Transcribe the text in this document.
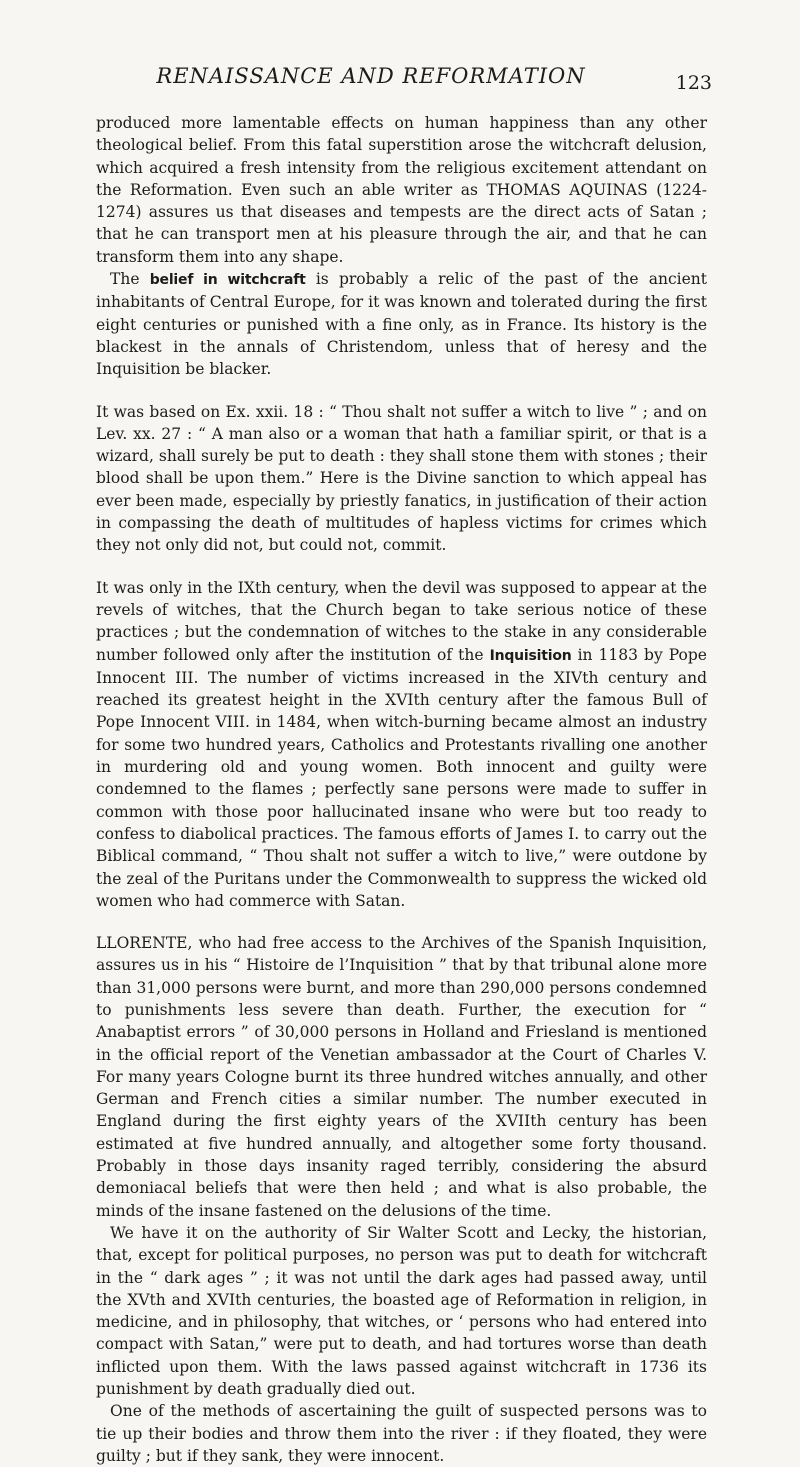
RENAISSANCE AND REFORMATION	123

produced more lamentable effects on human happiness than any other theological belief. From this fatal superstition arose the witchcraft delusion, which acquired a fresh intensity from the religious excitement attendant on the Reformation. Even such an able writer as THOMAS AQUINAS (1224-1274) assures us that diseases and tempests are the direct acts of Satan ; that he can transport men at his pleasure through the air, and that he can transform them into any shape.

The belief in witchcraft is probably a relic of the past of the ancient inhabitants of Central Europe, for it was known and tolerated during the first eight centuries or punished with a fine only, as in France. Its history is the blackest in the annals of Christendom, unless that of heresy and the Inquisition be blacker.

It was based on Ex. xxii. 18 : “ Thou shalt not suffer a witch to live ” ; and on Lev. xx. 27 : “ A man also or a woman that hath a familiar spirit, or that is a wizard, shall surely be put to death : they shall stone them with stones ; their blood shall be upon them.” Here is the Divine sanction to which appeal has ever been made, especially by priestly fanatics, in justification of their action in compassing the death of multitudes of hapless victims for crimes which they not only did not, but could not, commit.

It was only in the IXth century, when the devil was supposed to appear at the revels of witches, that the Church began to take serious notice of these practices ; but the condemnation of witches to the stake in any considerable number followed only after the institution of the Inquisition in 1183 by Pope Innocent III. The number of victims increased in the XIVth century and reached its greatest height in the XVIth century after the famous Bull of Pope Innocent VIII. in 1484, when witch-burning became almost an industry for some two hundred years, Catholics and Protestants rivalling one another in murdering old and young women. Both innocent and guilty were condemned to the flames ; perfectly sane persons were made to suffer in common with those poor hallucinated insane who were but too ready to confess to diabolical practices. The famous efforts of James I. to carry out the Biblical command, “ Thou shalt not suffer a witch to live,” were outdone by the zeal of the Puritans under the Commonwealth to suppress the wicked old women who had commerce with Satan.

LLORENTE, who had free access to the Archives of the Spanish Inquisition, assures us in his “ Histoire de l’Inquisition ” that by that tribunal alone more than 31,000 persons were burnt, and more than 290,000 persons condemned to punishments less severe than death. Further, the execution for “ Anabaptist errors ” of 30,000 persons in Holland and Friesland is mentioned in the official report of the Venetian ambassador at the Court of Charles V. For many years Cologne burnt its three hundred witches annually, and other German and French cities a similar number. The number executed in England during the first eighty years of the XVIIth century has been estimated at five hundred annually, and altogether some forty thousand. Probably in those days insanity raged terribly, considering the absurd demoniacal beliefs that were then held ; and what is also probable, the minds of the insane fastened on the delusions of the time.

We have it on the authority of Sir Walter Scott and Lecky, the historian, that, except for political purposes, no person was put to death for witchcraft in the “ dark ages ” ; it was not until the dark ages had passed away, until the XVth and XVIth centuries, the boasted age of Reformation in religion, in medicine, and in philosophy, that witches, or ‘ persons who had entered into compact with Satan,” were put to death, and had tortures worse than death inflicted upon them. With the laws passed against witchcraft in 1736 its punishment by death gradually died out.

One of the methods of ascertaining the guilt of suspected persons was to tie up their bodies and throw them into the river : if they floated, they were guilty ; but if they sank, they were innocent.
